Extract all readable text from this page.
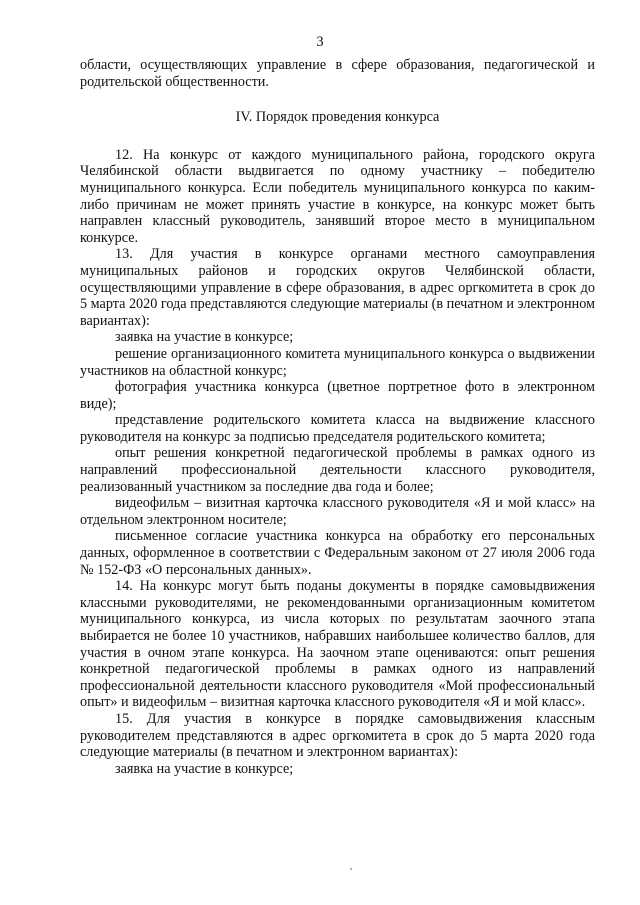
3

области, осуществляющих управление в сфере образования, педагогической и родительской общественности.

IV. Порядок проведения конкурса

12. На конкурс от каждого муниципального района, городского округа Челябинской области выдвигается по одному участнику – победителю муниципального конкурса. Если победитель муниципального конкурса по каким-либо причинам не может принять участие в конкурсе, на конкурс может быть направлен классный руководитель, занявший второе место в муниципальном конкурсе.

13. Для участия в конкурсе органами местного самоуправления муниципальных районов и городских округов Челябинской области, осуществляющими управление в сфере образования, в адрес оргкомитета в срок до 5 марта 2020 года представляются следующие материалы (в печатном и электронном вариантах):

заявка на участие в конкурсе;

решение организационного комитета муниципального конкурса о выдвижении участников на областной конкурс;

фотография участника конкурса (цветное портретное фото в электронном виде);

представление родительского комитета класса на выдвижение классного руководителя на конкурс за подписью председателя родительского комитета;

опыт решения конкретной педагогической проблемы в рамках одного из направлений профессиональной деятельности классного руководителя, реализованный участником за последние два года и более;

видеофильм – визитная карточка классного руководителя «Я и мой класс» на отдельном электронном носителе;

письменное согласие участника конкурса на обработку его персональных данных, оформленное в соответствии с Федеральным законом от 27 июля 2006 года № 152-ФЗ «О персональных данных».

14. На конкурс могут быть поданы документы в порядке самовыдвижения классными руководителями, не рекомендованными организационным комитетом муниципального конкурса, из числа которых по результатам заочного этапа выбирается не более 10 участников, набравших наибольшее количество баллов, для участия в очном этапе конкурса. На заочном этапе оцениваются: опыт решения конкретной педагогической проблемы в рамках одного из направлений профессиональной деятельности классного руководителя «Мой профессиональный опыт» и видеофильм – визитная карточка классного руководителя «Я и мой класс».

15. Для участия в конкурсе в порядке самовыдвижения классным руководителем представляются в адрес оргкомитета в срок до 5 марта 2020 года следующие материалы (в печатном и электронном вариантах):

заявка на участие в конкурсе;
